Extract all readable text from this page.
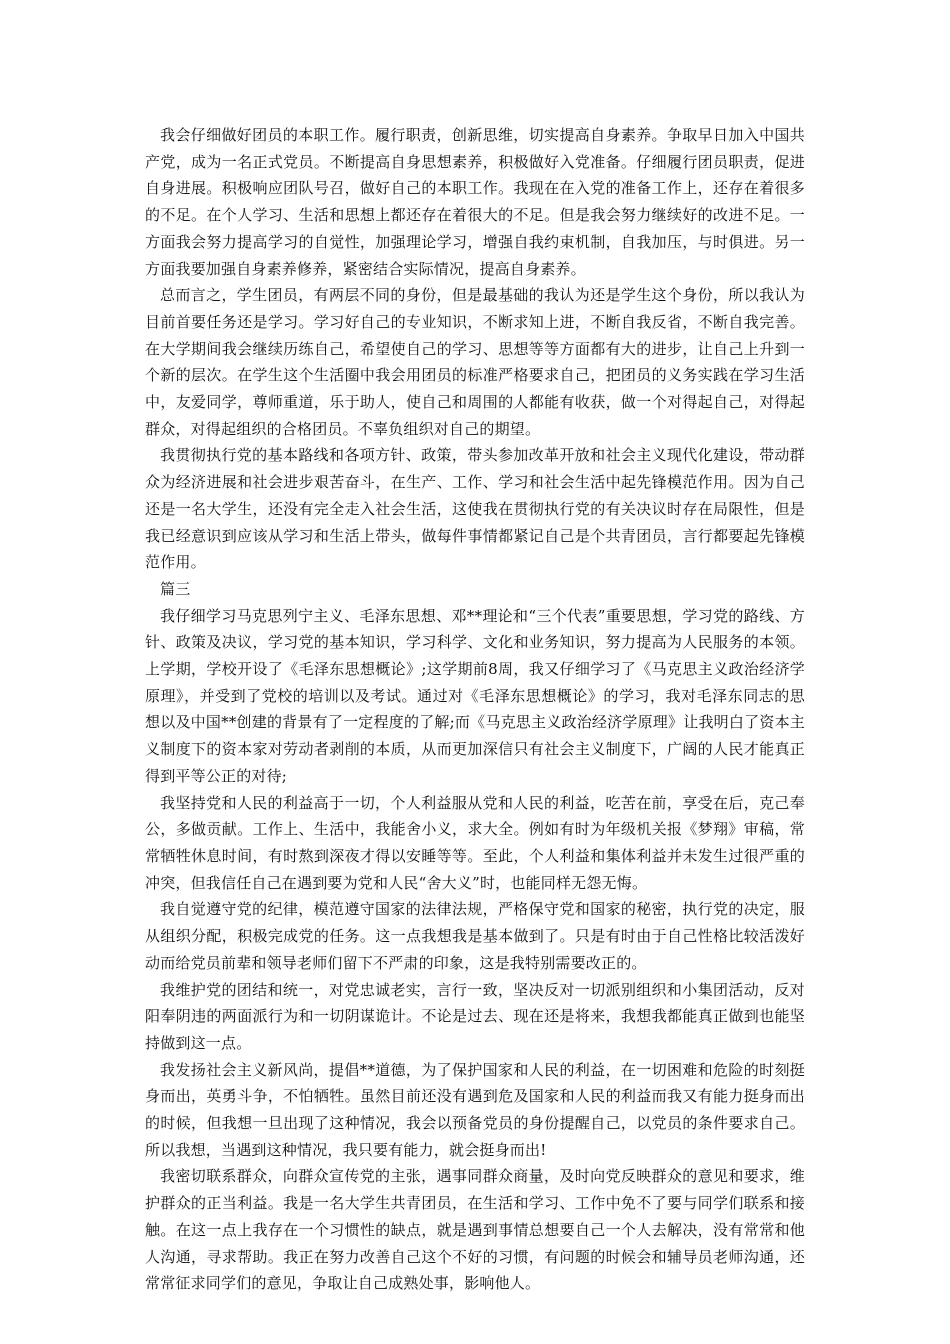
我会仔细做好团员的本职工作。履行职责，创新思维，切实提高自身素养。争取早日加入中国共产党，成为一名正式党员。不断提高自身思想素养，积极做好入党准备。仔细履行团员职责，促进自身进展。积极响应团队号召，做好自己的本职工作。我现在在入党的准备工作上，还存在着很多的不足。在个人学习、生活和思想上都还存在着很大的不足。但是我会努力继续好的改进不足。一方面我会努力提高学习的自觉性，加强理论学习，增强自我约束机制，自我加压，与时俱进。另一方面我要加强自身素养修养，紧密结合实际情况，提高自身素养。

总而言之，学生团员，有两层不同的身份，但是最基础的我认为还是学生这个身份，所以我认为目前首要任务还是学习。学习好自己的专业知识，不断求知上进，不断自我反省，不断自我完善。在大学期间我会继续历练自己，希望使自己的学习、思想等等方面都有大的进步，让自己上升到一个新的层次。在学生这个生活圈中我会用团员的标准严格要求自己，把团员的义务实践在学习生活中，友爱同学，尊师重道，乐于助人，使自己和周围的人都能有收获，做一个对得起自己，对得起群众，对得起组织的合格团员。不辜负组织对自己的期望。

我贯彻执行党的基本路线和各项方针、政策，带头参加改革开放和社会主义现代化建设，带动群众为经济进展和社会进步艰苦奋斗，在生产、工作、学习和社会生活中起先锋模范作用。因为自己还是一名大学生，还没有完全走入社会生活，这使我在贯彻执行党的有关决议时存在局限性，但是我已经意识到应该从学习和生活上带头，做每件事情都紧记自己是个共青团员，言行都要起先锋模范作用。

篇三

我仔细学习马克思列宁主义、毛泽东思想、邓**理论和“三个代表”重要思想，学习党的路线、方针、政策及决议，学习党的基本知识，学习科学、文化和业务知识，努力提高为人民服务的本领。上学期，学校开设了《毛泽东思想概论》;这学期前8周，我又仔细学习了《马克思主义政治经济学原理》，并受到了党校的培训以及考试。通过对《毛泽东思想概论》的学习，我对毛泽东同志的思想以及中国**创建的背景有了一定程度的了解;而《马克思主义政治经济学原理》让我明白了资本主义制度下的资本家对劳动者剥削的本质，从而更加深信只有社会主义制度下，广阔的人民才能真正得到平等公正的对待;

我坚持党和人民的利益高于一切，个人利益服从党和人民的利益，吃苦在前，享受在后，克己奉公，多做贡献。工作上、生活中，我能舍小义，求大全。例如有时为年级机关报《梦翔》审稿，常常牺牲休息时间，有时熬到深夜才得以安睡等等。至此，个人利益和集体利益并未发生过很严重的冲突，但我信任自己在遇到要为党和人民“舍大义”时，也能同样无怨无悔。

我自觉遵守党的纪律，模范遵守国家的法律法规，严格保守党和国家的秘密，执行党的决定，服从组织分配，积极完成党的任务。这一点我想我是基本做到了。只是有时由于自己性格比较活泼好动而给党员前辈和领导老师们留下不严肃的印象，这是我特别需要改正的。

我维护党的团结和统一，对党忠诚老实，言行一致，坚决反对一切派别组织和小集团活动，反对阳奉阴违的两面派行为和一切阴谋诡计。不论是过去、现在还是将来，我想我都能真正做到也能坚持做到这一点。

我发扬社会主义新风尚，提倡**道德，为了保护国家和人民的利益，在一切困难和危险的时刻挺身而出，英勇斗争，不怕牺牲。虽然目前还没有遇到危及国家和人民的利益而我又有能力挺身而出的时候，但我想一旦出现了这种情况，我会以预备党员的身份提醒自己，以党员的条件要求自己。所以我想，当遇到这种情况，我只要有能力，就会挺身而出!

我密切联系群众，向群众宣传党的主张，遇事同群众商量，及时向党反映群众的意见和要求，维护群众的正当利益。我是一名大学生共青团员，在生活和学习、工作中免不了要与同学们联系和接触。在这一点上我存在一个习惯性的缺点，就是遇到事情总想要自己一个人去解决，没有常常和他人沟通，寻求帮助。我正在努力改善自己这个不好的习惯，有问题的时候会和辅导员老师沟通，还常常征求同学们的意见，争取让自己成熟处事，影响他人。
